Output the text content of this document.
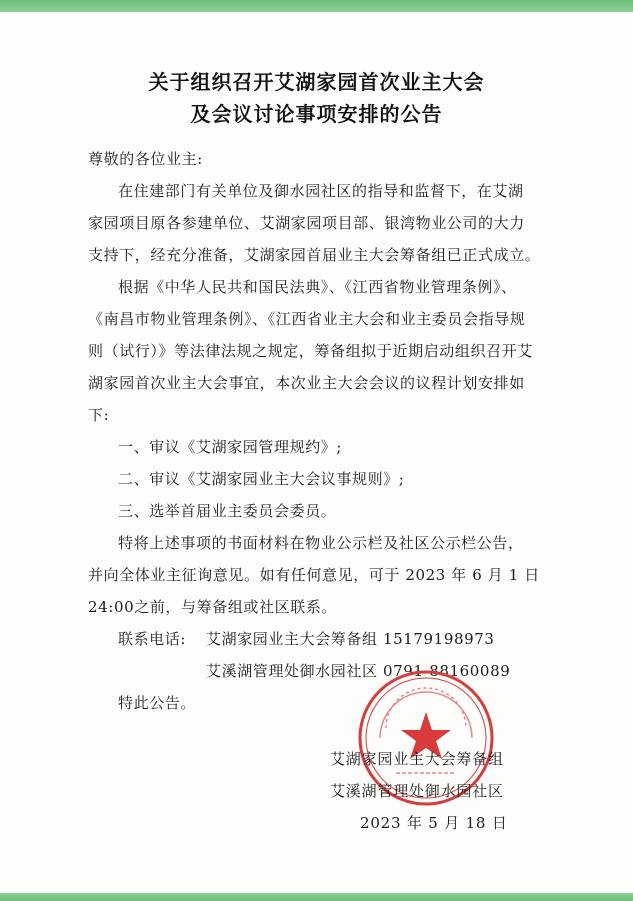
关于组织召开艾湖家园首次业主大会
及会议讨论事项安排的公告
尊敬的各位业主:
在住建部门有关单位及御水园社区的指导和监督下，在艾湖
家园项目原各参建单位、艾湖家园项目部、银湾物业公司的大力
支持下，经充分准备，艾湖家园首届业主大会筹备组已正式成立。
根据《中华人民共和国民法典》、《江西省物业管理条例》、
《南昌市物业管理条例》、《江西省业主大会和业主委员会指导规
则（试行）》等法律法规之规定，筹备组拟于近期启动组织召开艾
湖家园首次业主大会事宜，本次业主大会会议的议程计划安排如
下:
一、审议《艾湖家园管理规约》;
二、审议《艾湖家园业主大会议事规则》;
三、选举首届业主委员会委员。
特将上述事项的书面材料在物业公示栏及社区公示栏公告，
并向全体业主征询意见。如有任何意见，可于 2023 年 6 月 1 日
24:00之前，与筹备组或社区联系。
联系电话: 艾湖家园业主大会筹备组 15179198973
艾溪湖管理处御水园社区 0791-88160089
特此公告。
艾湖家园业主大会筹备组
艾溪湖管理处御水园社区
2023 年 5 月 18 日
